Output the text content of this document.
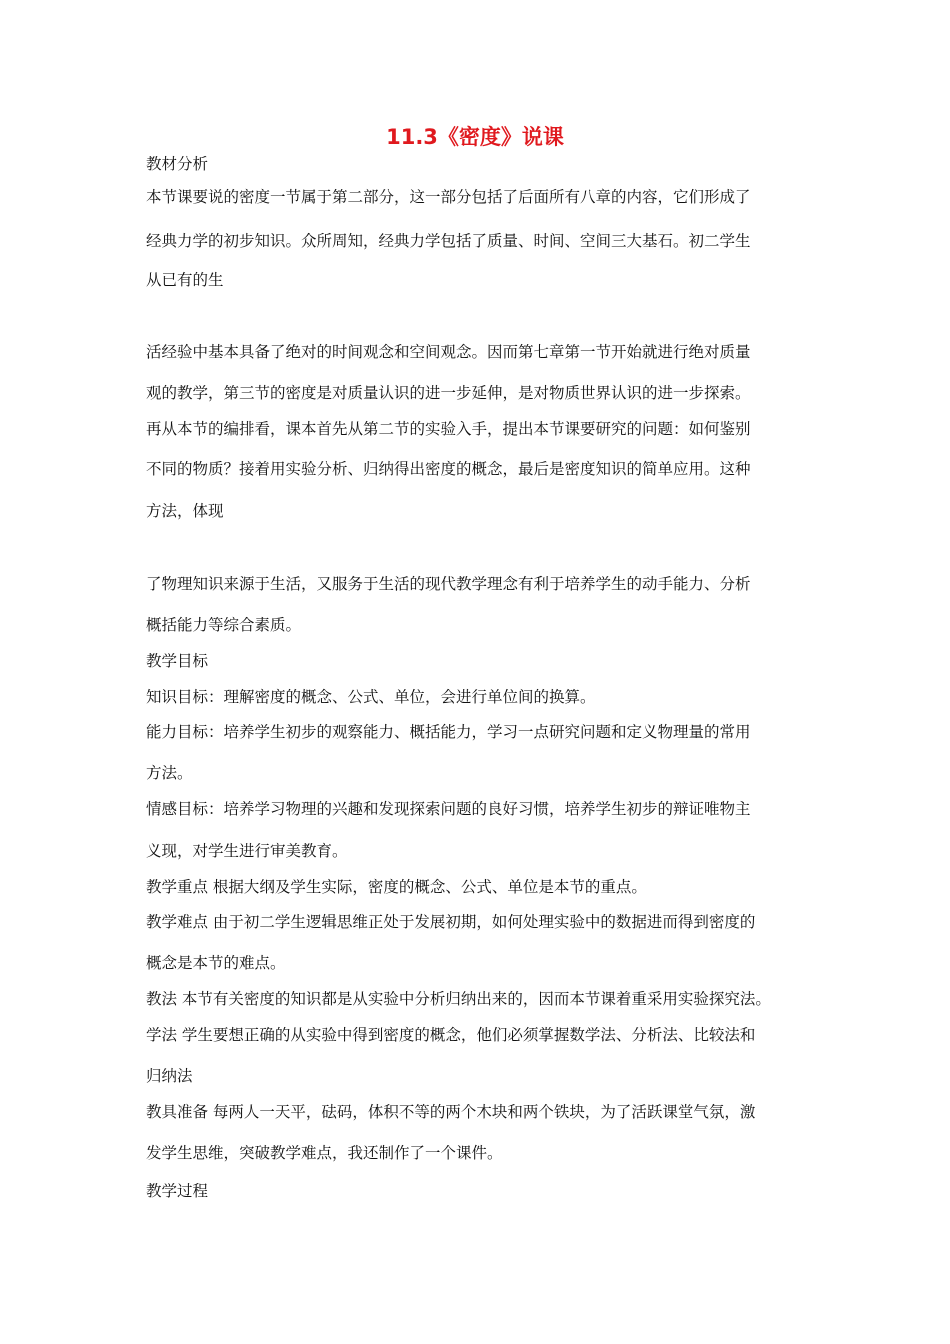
11.3《密度》说课
教材分析
本节课要说的密度一节属于第二部分，这一部分包括了后面所有八章的内容，它们形成了
经典力学的初步知识。众所周知，经典力学包括了质量、时间、空间三大基石。初二学生
从已有的生
活经验中基本具备了绝对的时间观念和空间观念。因而第七章第一节开始就进行绝对质量
观的教学，第三节的密度是对质量认识的进一步延伸，是对物质世界认识的进一步探索。
再从本节的编排看，课本首先从第二节的实验入手，提出本节课要研究的问题：如何鉴别
不同的物质？接着用实验分析、归纳得出密度的概念，最后是密度知识的简单应用。这种
方法，体现
了物理知识来源于生活，又服务于生活的现代教学理念有利于培养学生的动手能力、分析
概括能力等综合素质。
教学目标
知识目标：理解密度的概念、公式、单位，会进行单位间的换算。
能力目标：培养学生初步的观察能力、概括能力，学习一点研究问题和定义物理量的常用
方法。
情感目标：培养学习物理的兴趣和发现探索问题的良好习惯，培养学生初步的辩证唯物主
义现，对学生进行审美教育。
教学重点 根据大纲及学生实际，密度的概念、公式、单位是本节的重点。
教学难点 由于初二学生逻辑思维正处于发展初期，如何处理实验中的数据进而得到密度的
概念是本节的难点。
教法 本节有关密度的知识都是从实验中分析归纳出来的，因而本节课着重采用实验探究法。
学法 学生要想正确的从实验中得到密度的概念，他们必须掌握数学法、分析法、比较法和
归纳法
教具准备 每两人一天平，砝码，体积不等的两个木块和两个铁块，为了活跃课堂气氛，激
发学生思维，突破教学难点，我还制作了一个课件。
教学过程
